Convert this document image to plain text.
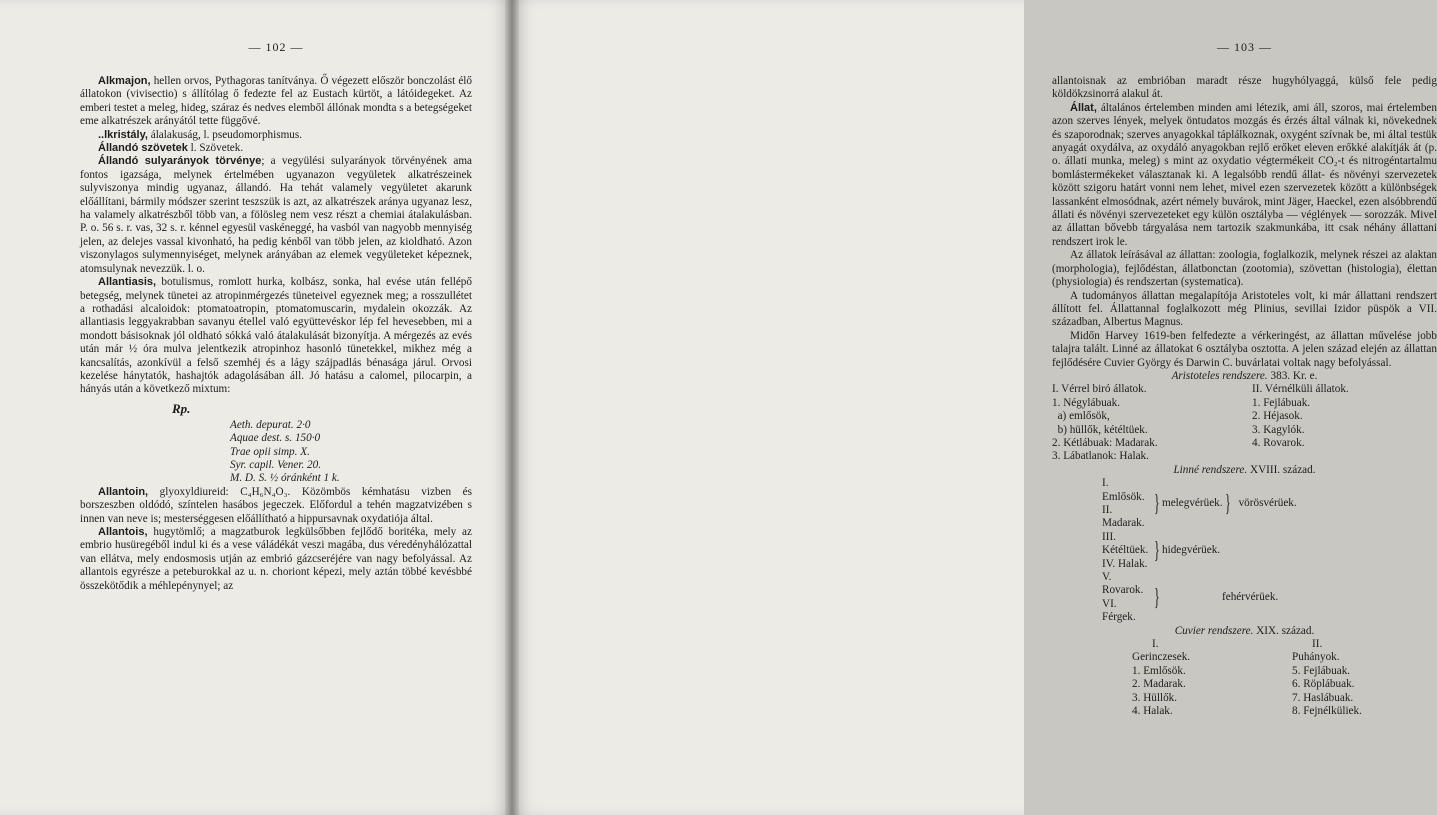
— 102 —

Alkmajon, hellen orvos, Pythagoras tanítványa. Ő végezett először bonczolást élő állatokon (vivisectio) s állítólag ő fedezte fel az Eustach kürtöt, a látóidegeket. Az emberi testet a meleg, hideg, száraz és nedves elemből állónak mondta s a betegségeket eme alkatrészek arányától tette függővé.

..lkristály, álalakuság, l. pseudomorphismus.

Állandó szövetek l. Szövetek.

Állandó sulyarányok törvénye; a vegyülési sulyarányok törvényének ama fontos igazsága, melynek értelmében ugyanazon vegyületek alkatrészeinek sulyviszonya mindig ugyanaz, állandó. Ha tehát valamely vegyületet akarunk előállítani, bármily módszer szerint teszszük is azt, az alkatrészek aránya ugyanaz lesz, ha valamely alkatrészből több van, a fölösleg nem vesz részt a chemiai átalakulásban. P. o. 56 s. r. vas, 32 s. r. kénnel egyesül vaskéneggé, ha vasból van nagyobb mennyiség jelen, az delejes vassal kivonható, ha pedig kénből van több jelen, az kioldható. Azon viszonylagos sulymennyiséget, melynek arányában az elemek vegyületeket képeznek, atomsulynak nevezzük. l. o.

Allantiasis, botulismus, romlott hurka, kolbász, sonka, hal evése után fellépő betegség, melynek tünetei az atropinmérgezés tüneteivel egyeznek meg; a rosszullétet a rothadási alcaloidok: ptomatoatropin, ptomatomuscarin, mydalein okozzák. Az allantiasis leggyakrabban savanyu étellel való együttevéskor lép fel hevesebben, mi a mondott básisoknak jól oldható sókká való átalakulását bizonyítja. A mérgezés az evés után már ½ óra mulva jelentkezik atropinhoz hasonló tünetekkel, mikhez még a kancsalítás, azonkívül a felső szemhéj és a lágy szájpadlás bénasága járul. Orvosi kezelése hánytatók, hashajtók adagolásában áll. Jó hatásu a calomel, pilocarpin, a hányás után a következő mixtum:

Rp.
Aeth. depurat. 2·0
Aquae dest. s. 150·0
Trae opii simp. X.
Syr. capil. Vener. 20.
M. D. S. ½ óránként 1 k.

Allantoin, glyoxyldiureid: C₄H₆N₄O₃. Közömbös kémhatásu vizben és borszeszben oldódó, színtelen hasábos jegeczek. Előfordul a tehén magzatvizében s innen van neve is; mesterséggesen előállítható a hippursavnak oxydatiója által.

Allantois, hugytömlő; a magzatburok legkülsőbben fejlődő boritéka, mely az embrio husüregéből indul ki és a vese váládékát veszi magába, dus véredényhálózattal van ellátva, mely endosmosis utján az embrió gázcseréjére van nagy befolyással. Az allantois egyrésze a peteburokkal az u. n. choriont képezi, mely aztán többé kevésbbé összekötődik a méhlepénynyel; az

— 103 —

allantoisnak az embrióban maradt része hugyhólyaggá, külső fele pedig köldökzsinorrá alakul át.

Állat, általános értelemben minden ami létezik, ami áll, szoros, mai értelemben azon szerves lények, melyek öntudatos mozgás és érzés által válnak ki, növekednek és szaporodnak; szerves anyagokkal táplálkoznak, oxygént szívnak be, mi által testük anyagát oxydálva, az oxydáló anyagokban rejlő erőket eleven erőkké alakítják át (p. o. állati munka, meleg) s mint az oxydatio végtermékeit CO₂-t és nitrogéntartalmu bomlástermékeket választanak ki. A legalsóbb rendű állat- és növényi szervezetek között szigoru határt vonni nem lehet, mivel ezen szervezetek között a különbségek lassanként elmosódnak, azért némely buvárok, mint Jäger, Haeckel, ezen alsóbbrendű állati és növényi szervezeteket egy külön osztályba — véglények — sorozzák. Mivel az állattan bővebb tárgyalása nem tartozik szakmunkába, itt csak néhány állattani rendszert irok le.

Az állatok leírásával az állattan: zoologia, foglalkozik, melynek részei az alaktan (morphologia), fejlődéstan, állatbonctan (zootomia), szövettan (histologia), élettan (physiologia) és rendszertan (systematica).

A tudományos állattan megalapítója Aristoteles volt, ki már állattani rendszert állított fel. Állattannal foglalkozott még Plinius, sevillai Izidor püspök a VII. században, Albertus Magnus.

Midőn Harvey 1619-ben felfedezte a vérkeringést, az állattan művelése jobb talajra talált. Linné az állatokat 6 osztályba osztotta. A jelen század elején az állattan fejlődésére Cuvier György és Darwin C. buvárlatai voltak nagy befolyással.

Aristoteles rendszere. 383. Kr. e.

I. Vérrel biró állatok.	II. Vérnélküli állatok.
1. Négylábuak.	1. Fejlábuak.
a) emlősök,	2. Héjasok.
b) hüllők, kétéltüek.	3. Kagylók.
2. Kétlábuak: Madarak.	4. Rovarok.
3. Lábatlanok: Halak.

Linné rendszere. XVIII. század.

I. Emlősök.
II. Madarak.
} melegvérüek. } vörösvérüek.
III. Kétéltüek.
IV. Halak. } hidegvérüek.
V. Rovarok.
VI. Férgek.
}	fehérvérüek.

Cuvier rendszere. XIX. század.

I.	II.
Gerinczesek.	Puhányok.
1. Emlősök.	5. Fejlábuak.
2. Madarak.	6. Röplábuak.
3. Hüllők.	7. Haslábuak.
4. Halak.	8. Fejnélküliek.
